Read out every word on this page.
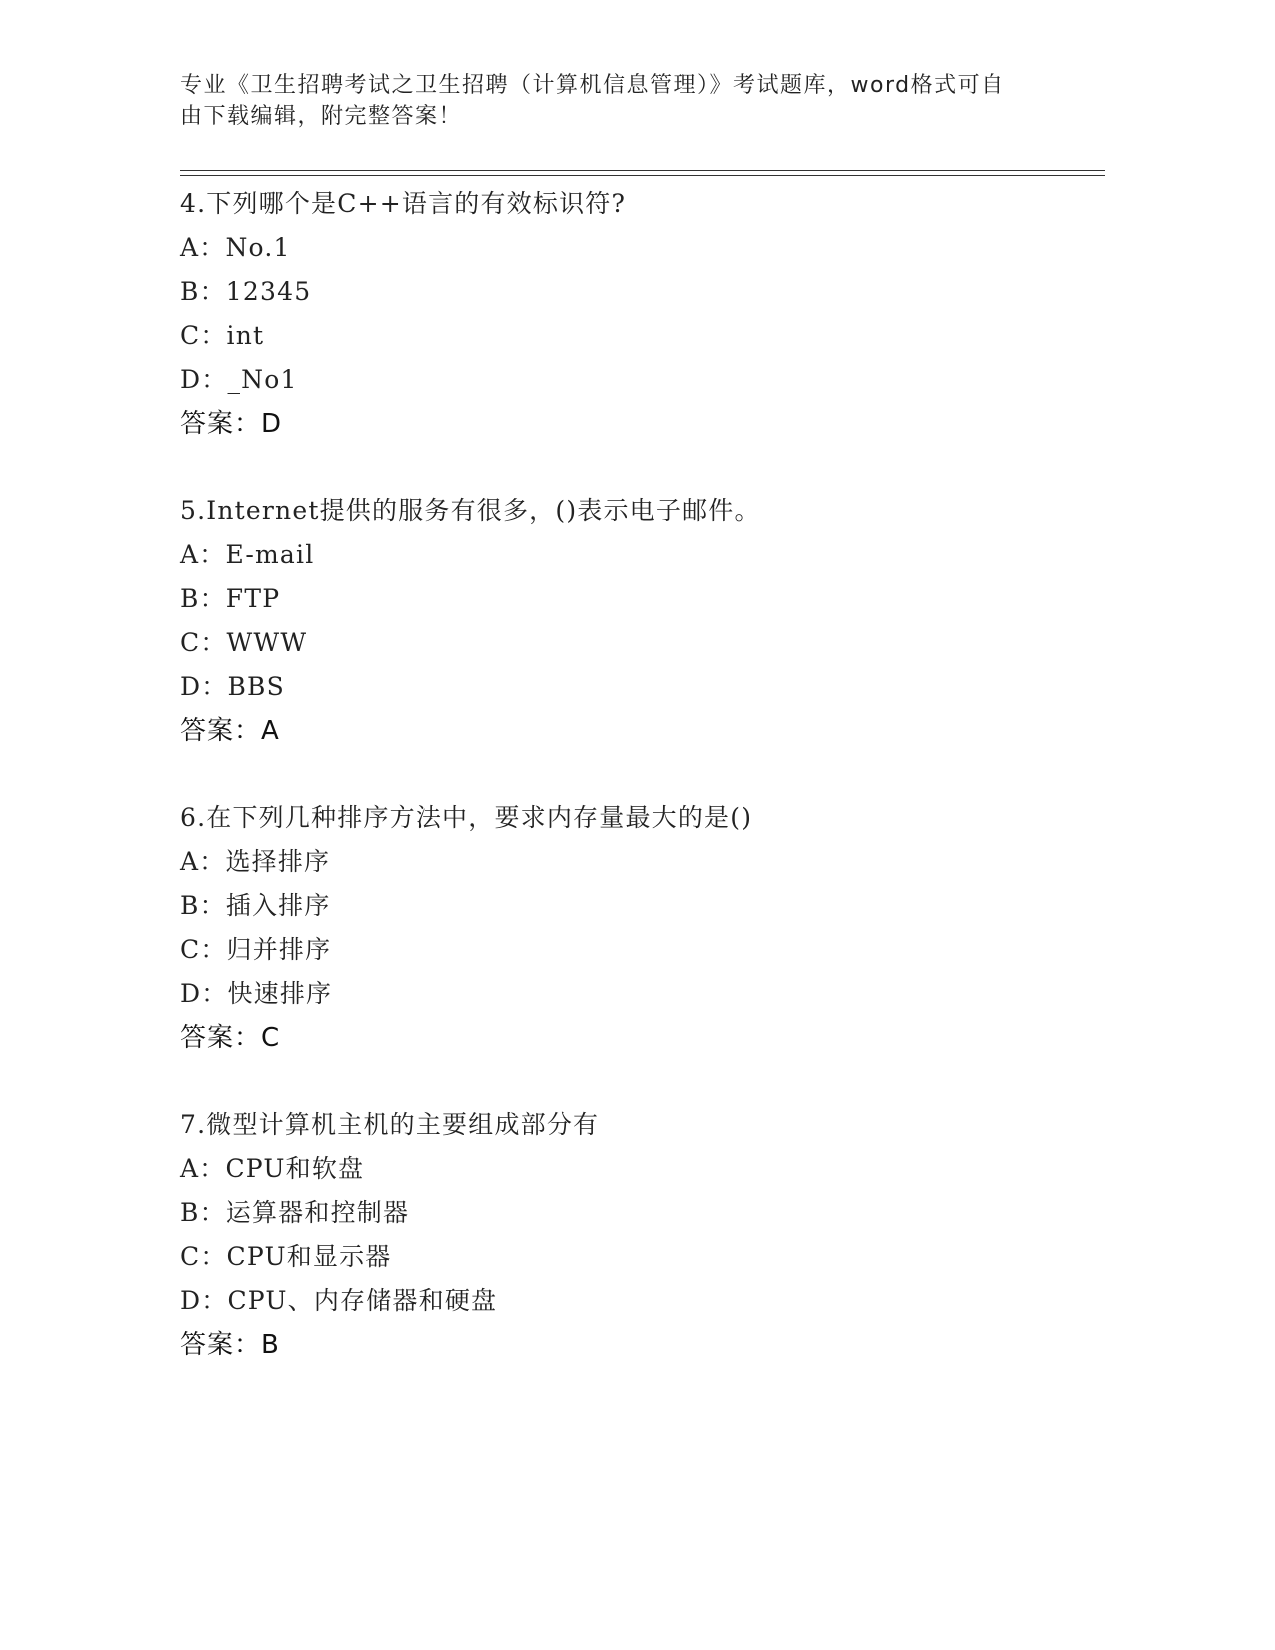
专业《卫生招聘考试之卫生招聘（计算机信息管理）》考试题库，word格式可自
由下载编辑，附完整答案！
4.下列哪个是C++语言的有效标识符?
A：No.1
B：12345
C：int
D：_No1
答案：D
5.Internet提供的服务有很多，()表示电子邮件。
A：E-mail
B：FTP
C：WWW
D：BBS
答案：A
6.在下列几种排序方法中，要求内存量最大的是()
A：选择排序
B：插入排序
C：归并排序
D：快速排序
答案：C
7.微型计算机主机的主要组成部分有
A：CPU和软盘
B：运算器和控制器
C：CPU和显示器
D：CPU、内存储器和硬盘
答案：B
